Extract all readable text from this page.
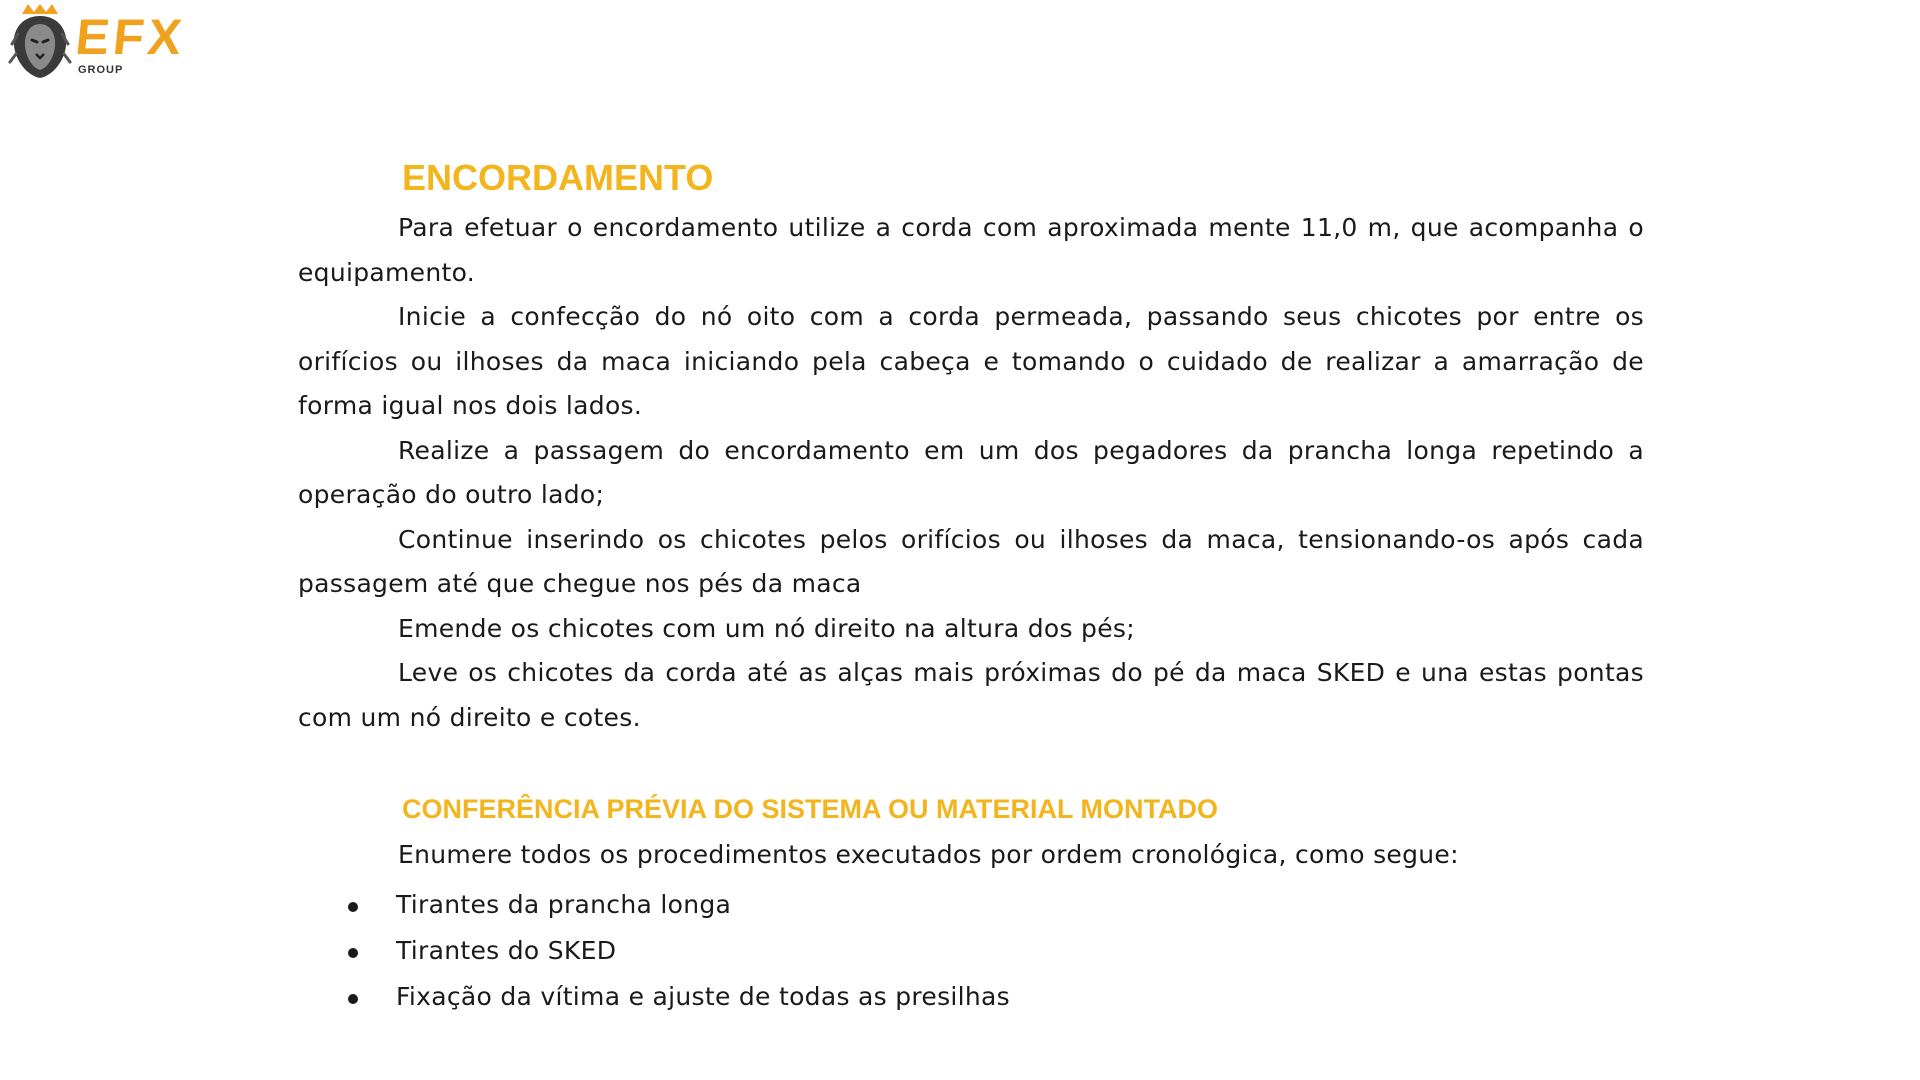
EFX
GROUP
ENCORDAMENTO

Para efetuar o encordamento utilize a corda com aproximada mente 11,0 m, que acompanha o equipamento.

Inicie a confecção do nó oito com a corda permeada, passando seus chicotes por entre os orifícios ou ilhoses da maca iniciando pela cabeça e tomando o cuidado de realizar a amarração de forma igual nos dois lados.

Realize a passagem do encordamento em um dos pegadores da prancha longa repetindo a operação do outro lado;

Continue inserindo os chicotes pelos orifícios ou ilhoses da maca, tensionando-os após cada passagem até que chegue nos pés da maca

Emende os chicotes com um nó direito na altura dos pés;

Leve os chicotes da corda até as alças mais próximas do pé da maca SKED e una estas pontas com um nó direito e cotes.

CONFERÊNCIA PRÉVIA DO SISTEMA OU MATERIAL MONTADO

Enumere todos os procedimentos executados por ordem cronológica, como segue:

Tirantes da prancha longa
Tirantes do SKED
Fixação da vítima e ajuste de todas as presilhas
